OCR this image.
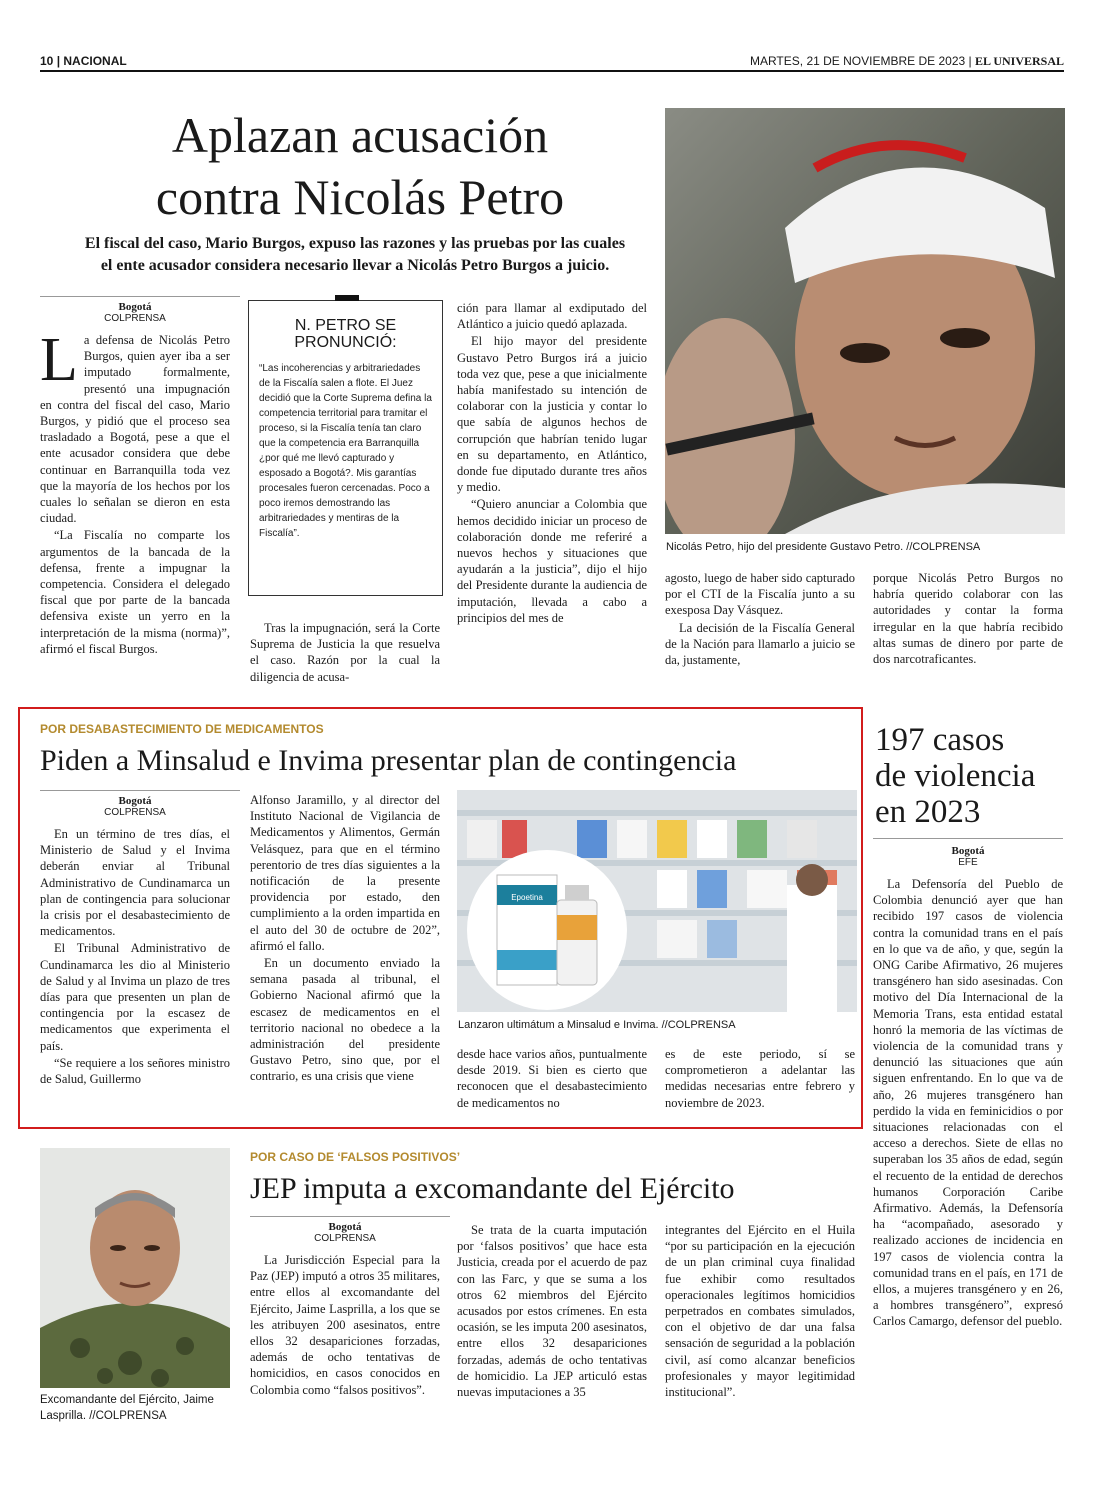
10 | NACIONAL	MARTES, 21 DE NOVIEMBRE DE 2023 | EL UNIVERSAL
Aplazan acusación
contra Nicolás Petro
El fiscal del caso, Mario Burgos, expuso las razones y las pruebas por las cuales
el ente acusador considera necesario llevar a Nicolás Petro Burgos a juicio.
Bogotá
COLPRENSA

La defensa de Nicolás Petro Burgos, quien ayer iba a ser imputado formalmente, presentó una impugnación en contra del fiscal del caso, Mario Burgos, y pidió que el proceso sea trasladado a Bogotá, pese a que el ente acusador considera que debe continuar en Barranquilla toda vez que la mayoría de los hechos por los cuales lo señalan se dieron en esta ciudad.

“La Fiscalía no comparte los argumentos de la bancada de la defensa, frente a impugnar la competencia. Considera el delegado fiscal que por parte de la bancada defensiva existe un yerro en la interpretación de la misma (norma)”, afirmó el fiscal Burgos.

N. PETRO SE PRONUNCIÓ:
“Las incoherencias y arbitrariedades de la Fiscalía salen a flote. El Juez decidió que la Corte Suprema defina la competencia territorial para tramitar el proceso, si la Fiscalía tenía tan claro que la competencia era Barranquilla ¿por qué me llevó capturado y esposado a Bogotá?. Mis garantías procesales fueron cercenadas. Poco a poco iremos demostrando las arbitrariedades y mentiras de la Fiscalía”.

Tras la impugnación, será la Corte Suprema de Justicia la que resuelva el caso. Razón por la cual la diligencia de acusa-

ción para llamar al exdiputado del Atlántico a juicio quedó aplazada.

El hijo mayor del presidente Gustavo Petro Burgos irá a juicio toda vez que, pese a que inicialmente había manifestado su intención de colaborar con la justicia y contar lo que sabía de algunos hechos de corrupción que habrían tenido lugar en su departamento, en Atlántico, donde fue diputado durante tres años y medio.

“Quiero anunciar a Colombia que hemos decidido iniciar un proceso de colaboración donde me referiré a nuevos hechos y situaciones que ayudarán a la justicia”, dijo el hijo del Presidente durante la audiencia de imputación, llevada a cabo a principios del mes de

Nicolás Petro, hijo del presidente Gustavo Petro. //COLPRENSA

agosto, luego de haber sido capturado por el CTI de la Fiscalía junto a su exesposa Day Vásquez.

La decisión de la Fiscalía General de la Nación para llamarlo a juicio se da, justamente,

porque Nicolás Petro Burgos no habría querido colaborar con las autoridades y contar la forma irregular en la que habría recibido altas sumas de dinero por parte de dos narcotraficantes.

POR DESABASTECIMIENTO DE MEDICAMENTOS
Piden a Minsalud e Invima presentar plan de contingencia
Bogotá
COLPRENSA

En un término de tres días, el Ministerio de Salud y el Invima deberán enviar al Tribunal Administrativo de Cundinamarca un plan de contingencia para solucionar la crisis por el desabastecimiento de medicamentos.

El Tribunal Administrativo de Cundinamarca les dio al Ministerio de Salud y al Invima un plazo de tres días para que presenten un plan de contingencia por la escasez de medicamentos que experimenta el país.

“Se requiere a los señores ministro de Salud, Guillermo

Alfonso Jaramillo, y al director del Instituto Nacional de Vigilancia de Medicamentos y Alimentos, Germán Velásquez, para que en el término perentorio de tres días siguientes a la notificación de la presente providencia por estado, den cumplimiento a la orden impartida en el auto del 30 de octubre de 202”, afirmó el fallo.

En un documento enviado la semana pasada al tribunal, el Gobierno Nacional afirmó que la escasez de medicamentos en el territorio nacional no obedece a la administración del presidente Gustavo Petro, sino que, por el contrario, es una crisis que viene

Epoetina
Lanzaron ultimátum a Minsalud e Invima. //COLPRENSA

desde hace varios años, puntualmente desde 2019. Si bien es cierto que reconocen que el desabastecimiento de medicamentos no

es de este periodo, sí se comprometieron a adelantar las medidas necesarias entre febrero y noviembre de 2023.

197 casos
de violencia
en 2023
Bogotá
EFE

La Defensoría del Pueblo de Colombia denunció ayer que han recibido 197 casos de violencia contra la comunidad trans en el país en lo que va de año, y que, según la ONG Caribe Afirmativo, 26 mujeres transgénero han sido asesinadas. Con motivo del Día Internacional de la Memoria Trans, esta entidad estatal honró la memoria de las víctimas de violencia de la comunidad trans y denunció las situaciones que aún siguen enfrentando. En lo que va de año, 26 mujeres transgénero han perdido la vida en feminicidios o por situaciones relacionadas con el acceso a derechos. Siete de ellas no superaban los 35 años de edad, según el recuento de la entidad de derechos humanos Corporación Caribe Afirmativo. Además, la Defensoría ha “acompañado, asesorado y realizado acciones de incidencia en 197 casos de violencia contra la comunidad trans en el país, en 171 de ellos, a mujeres transgénero y en 26, a hombres transgénero”, expresó Carlos Camargo, defensor del pueblo.

Excomandante del Ejército, Jaime Lasprilla. //COLPRENSA
POR CASO DE ‘FALSOS POSITIVOS’
JEP imputa a excomandante del Ejército
Bogotá
COLPRENSA

La Jurisdicción Especial para la Paz (JEP) imputó a otros 35 militares, entre ellos al excomandante del Ejército, Jaime Lasprilla, a los que se les atribuyen 200 asesinatos, entre ellos 32 desapariciones forzadas, además de ocho tentativas de homicidios, en casos conocidos en Colombia como “falsos positivos”.

Se trata de la cuarta imputación por ‘falsos positivos’ que hace esta Justicia, creada por el acuerdo de paz con las Farc, y que se suma a los otros 62 miembros del Ejército acusados por estos crímenes. En esta ocasión, se les imputa 200 asesinatos, entre ellos 32 desapariciones forzadas, además de ocho tentativas de homicidio. La JEP articuló estas nuevas imputaciones a 35

integrantes del Ejército en el Huila “por su participación en la ejecución de un plan criminal cuya finalidad fue exhibir como resultados operacionales legítimos homicidios perpetrados en combates simulados, con el objetivo de dar una falsa sensación de seguridad a la población civil, así como alcanzar beneficios profesionales y mayor legitimidad institucional”.
